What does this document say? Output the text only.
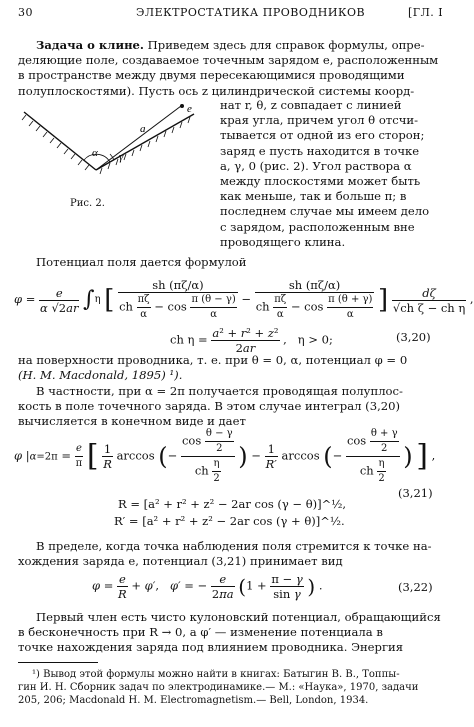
30	ЭЛЕКТРОСТАТИКА ПРОВОДНИКОВ	[ГЛ. I
Задача о клине. Приведем здесь для справок формулы, опре-
деляющие поле, создаваемое точечным зарядом e, расположенным
в пространстве между двумя пересекающимися проводящими
полуплоскостями). Пусть ось z цилиндрической системы коорд-
e
a
α γ
Рис. 2.
нат r, θ, z совпадает с линией
края угла, причем угол θ отсчи-
тывается от одной из его сторон;
заряд e пусть находится в точке
a, γ, 0 (рис. 2). Угол раствора α
между плоскостями может быть
как меньше, так и больше π; в
последнем случае мы имеем дело
с зарядом, расположенным вне
проводящего клина.
Потенциал поля дается формулой
$\varphi = \frac{e}{\alpha √2ar} \int\eta$ [ $\frac{sh (\pi\zeta/\alpha)}{ch \frac{\pi\zeta}{\alpha} - \cos \frac{\pi (\theta - \gamma)}{\alpha}} - \frac{sh (\pi\zeta/\alpha)}{ch \frac{\pi\zeta}{\alpha} - \cos \frac{\pi (\theta + \gamma)}{\alpha}}$ ] $\frac{d\zeta}{\text{√ch ζ − ch η}}$ ,
ch $\eta = \frac{\text{a² + r² + z²}}{2ar}$ ,   η > 0;	(3,20)
на поверхности проводника, т. е. при θ = 0, α, потенциал φ = 0
(H. M. Macdonald, 1895) ¹).
В частности, при α = 2π получается проводящая полуплос-
кость в поле точечного заряда. В этом случае интеграл (3,20)
вычисляется в конечном виде и дает
φ $|\alpha=2\pi = \frac{e}{\pi}$ [ $\frac{1}{R}$ arccos (− $\frac{\cos \frac{\theta - \gamma}{2}}{ch \frac{\eta}{2}}$ ) − $\frac{1}{R'}$ arccos (− $\frac{\cos \frac{\theta + \gamma}{2}}{ch \frac{\eta}{2}}$ ) ] ,
(3,21)
R = [a² + r² + z² − 2ar cos (γ − θ)]^½,
R′ = [a² + r² + z² − 2ar cos (γ + θ)]^½.
В пределе, когда точка наблюдения поля стремится к точке на-
хождения заряда e, потенциал (3,21) принимает вид
$\varphi = \frac{e}{R} + \varphi'$,   φ′ = − $\frac{e}{2\pi a} (1 + \frac{\pi - \gamma}{\text{sin γ}}$ ) .	(3,22)
Первый член есть чисто кулоновский потенциал, обращающийся
в бесконечность при R → 0, а φ′ — изменение потенциала в
точке нахождения заряда под влиянием проводника. Энергия
¹) Вывод этой формулы можно найти в книгах: Батыгин В. В., Топпы-
гин И. Н. Сборник задач по электродинамике.— М.: «Наука», 1970, задачи
205, 206; Macdonald H. M. Electromagnetism.— Bell, London, 1934.
